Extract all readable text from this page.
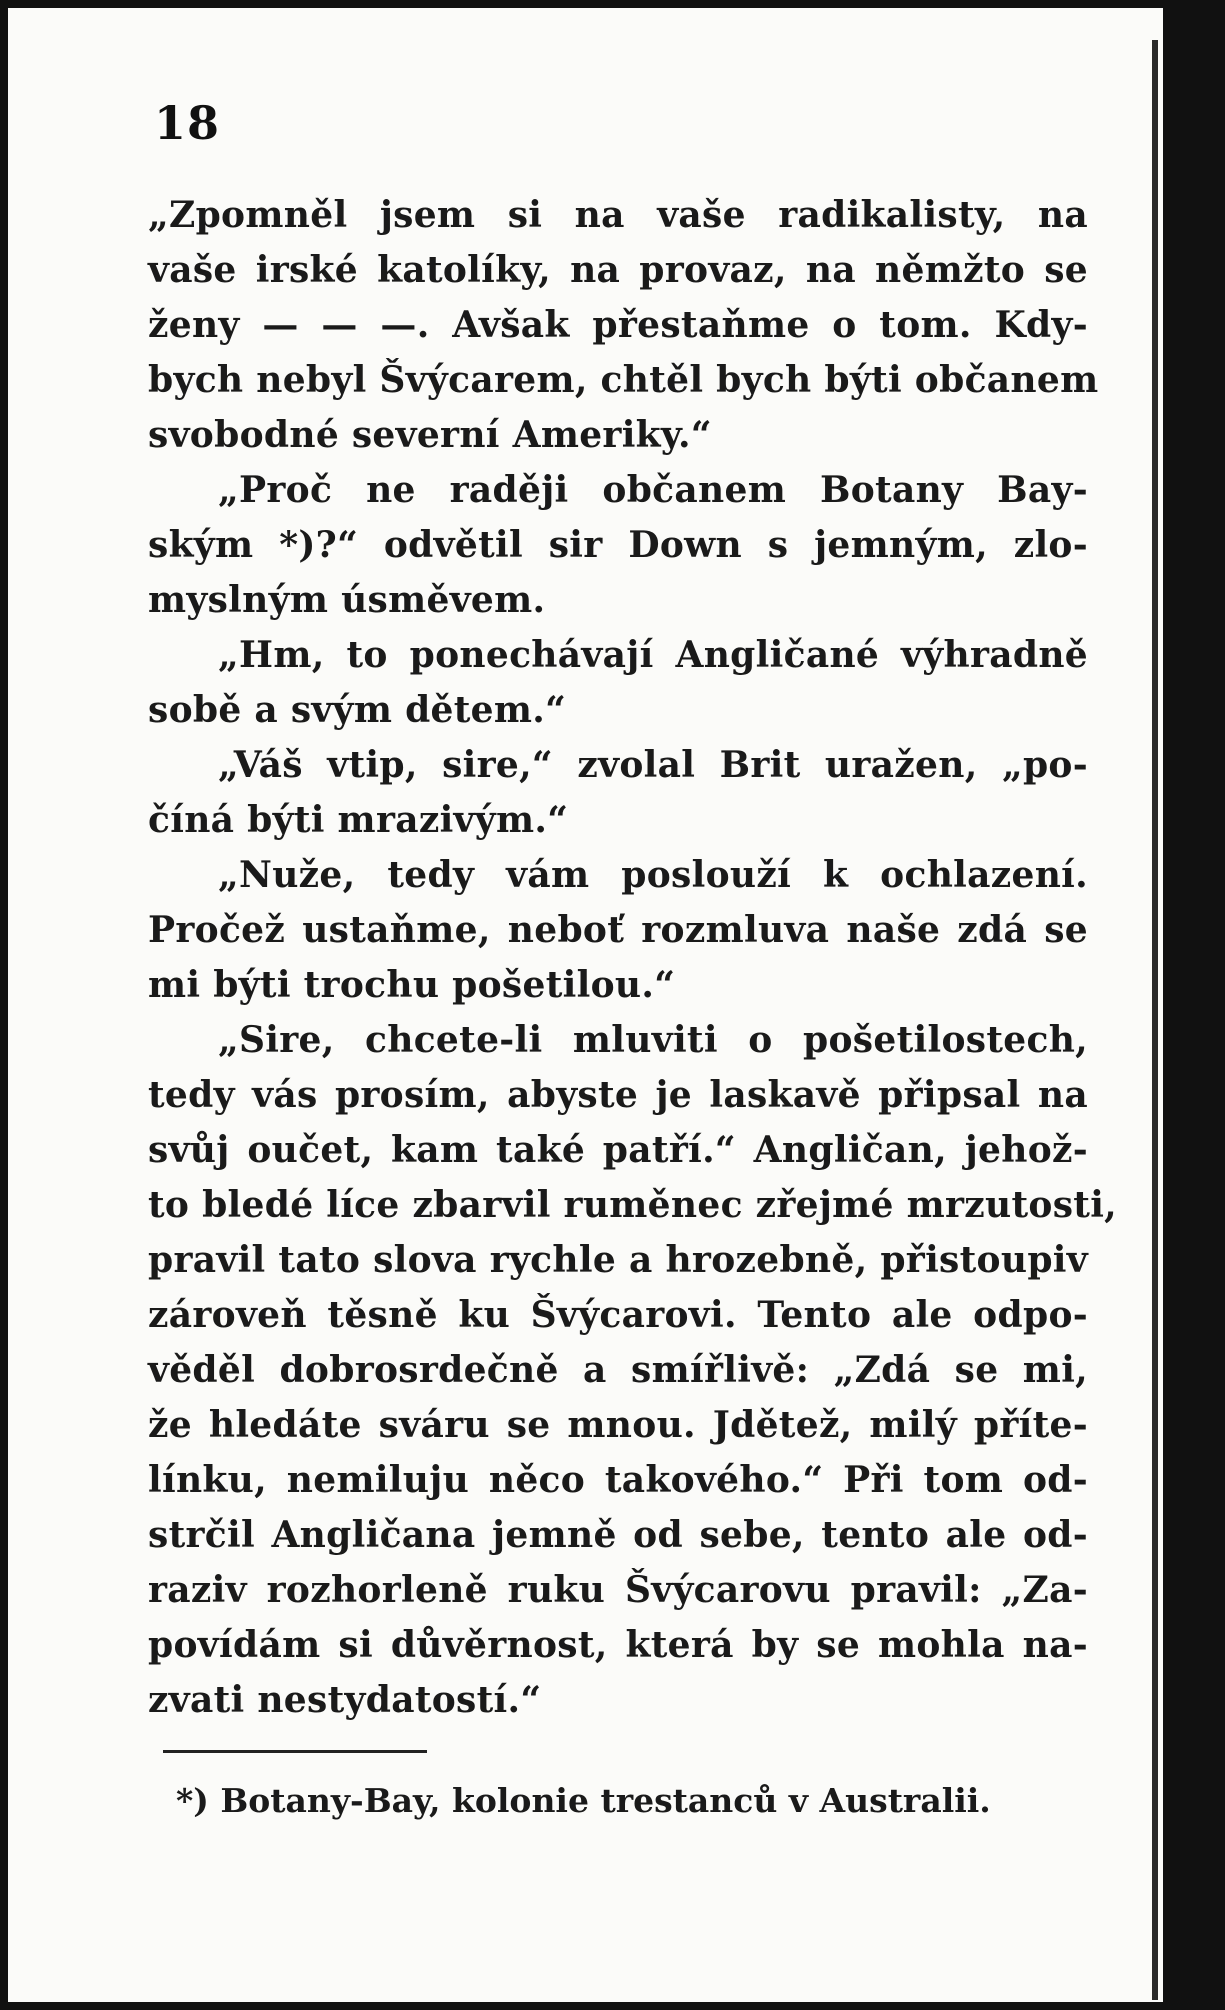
18
„Zpomněl jsem si na vaše radikalisty, na
vaše irské katolíky, na provaz, na němžto se
ženy — — —. Avšak přestaňme o tom. Kdy-
bych nebyl Švýcarem, chtěl bych býti občanem
svobodné severní Ameriky.“
„Proč ne raději občanem Botany Bay-
ským *)?“ odvětil sir Down s jemným, zlo-
myslným úsměvem.
„Hm, to ponechávají Angličané výhradně
sobě a svým dětem.“
„Váš vtip, sire,“ zvolal Brit uražen, „po-
číná býti mrazivým.“
„Nuže, tedy vám poslouží k ochlazení.
Pročež ustaňme, neboť rozmluva naše zdá se
mi býti trochu pošetilou.“
„Sire, chcete-li mluviti o pošetilostech,
tedy vás prosím, abyste je laskavě připsal na
svůj oučet, kam také patří.“ Angličan, jehož-
to bledé líce zbarvil ruměnec zřejmé mrzutosti,
pravil tato slova rychle a hrozebně, přistoupiv
zároveň těsně ku Švýcarovi. Tento ale odpo-
věděl dobrosrdečně a smířlivě: „Zdá se mi,
že hledáte sváru se mnou. Jdětež, milý příte-
línku, nemiluju něco takového.“ Při tom od-
strčil Angličana jemně od sebe, tento ale od-
raziv rozhorleně ruku Švýcarovu pravil: „Za-
povídám si důvěrnost, která by se mohla na-
zvati nestydatostí.“
*) Botany-Bay, kolonie trestanců v Australii.
